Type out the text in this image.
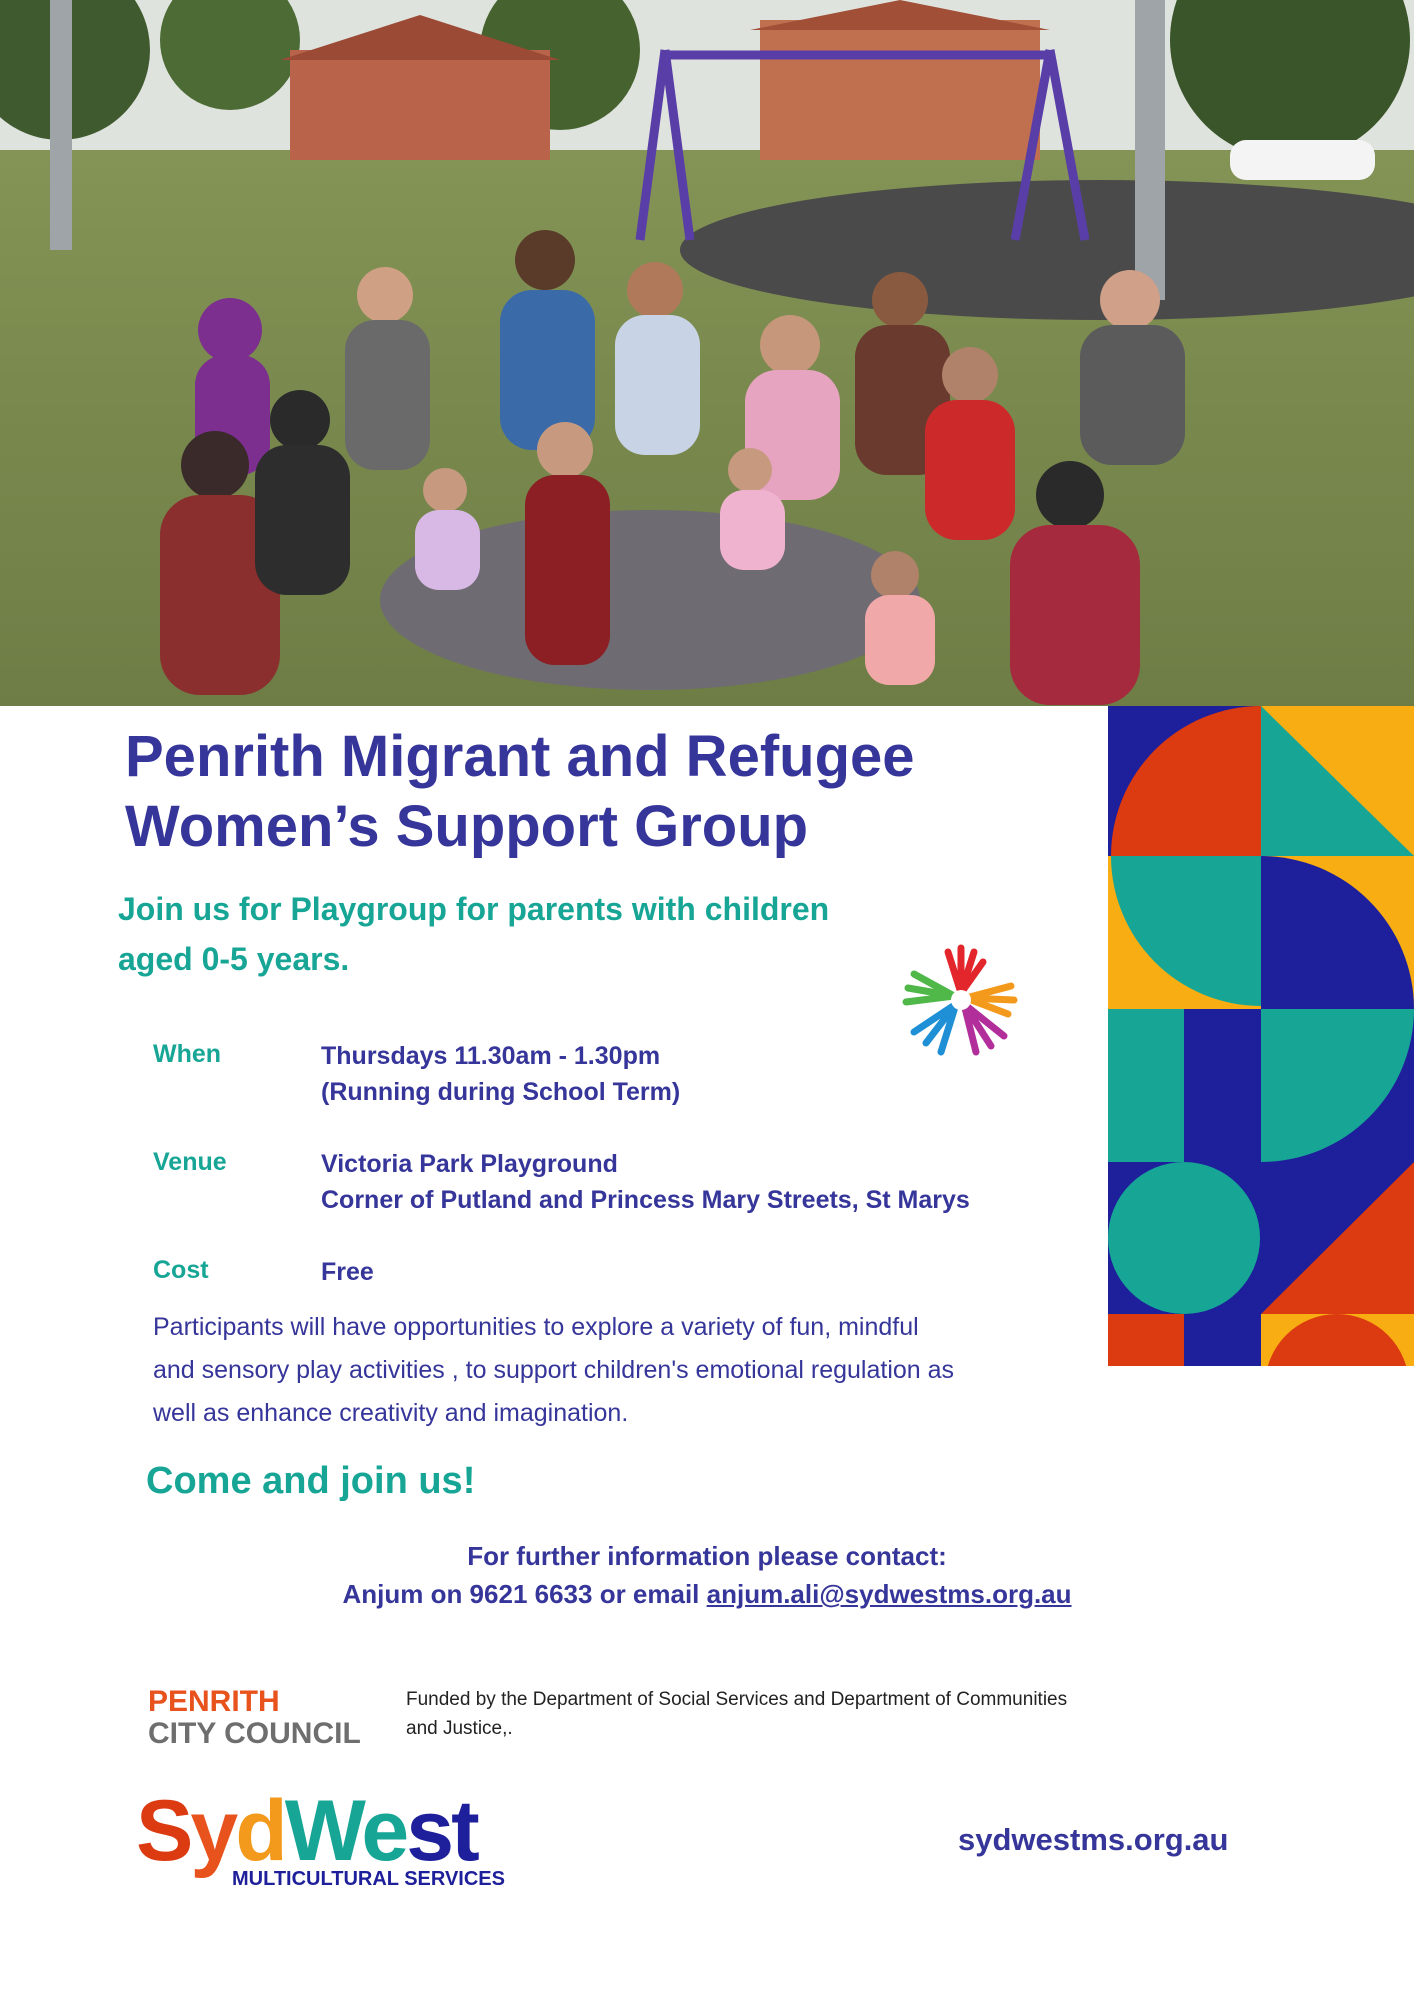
Penrith Migrant and Refugee
Women’s Support Group

Join us for Playgroup for parents with children
aged 0-5 years.

When	Thursdays 11.30am - 1.30pm
(Running during School Term)
Venue	Victoria Park Playground
Corner of Putland and Princess Mary Streets, St Marys
Cost	Free

Participants will have opportunities to explore a variety of fun, mindful
and sensory play activities , to support children's emotional regulation as
well as enhance creativity and imagination.

Come and join us!
For further information please contact:
Anjum on 9621 6633 or email anjum.ali@sydwestms.org.au
PENRITH
CITY COUNCIL

Funded by the Department of Social Services and Department of Communities
and Justice,.

SydWest
MULTICULTURAL SERVICES
sydwestms.org.au
